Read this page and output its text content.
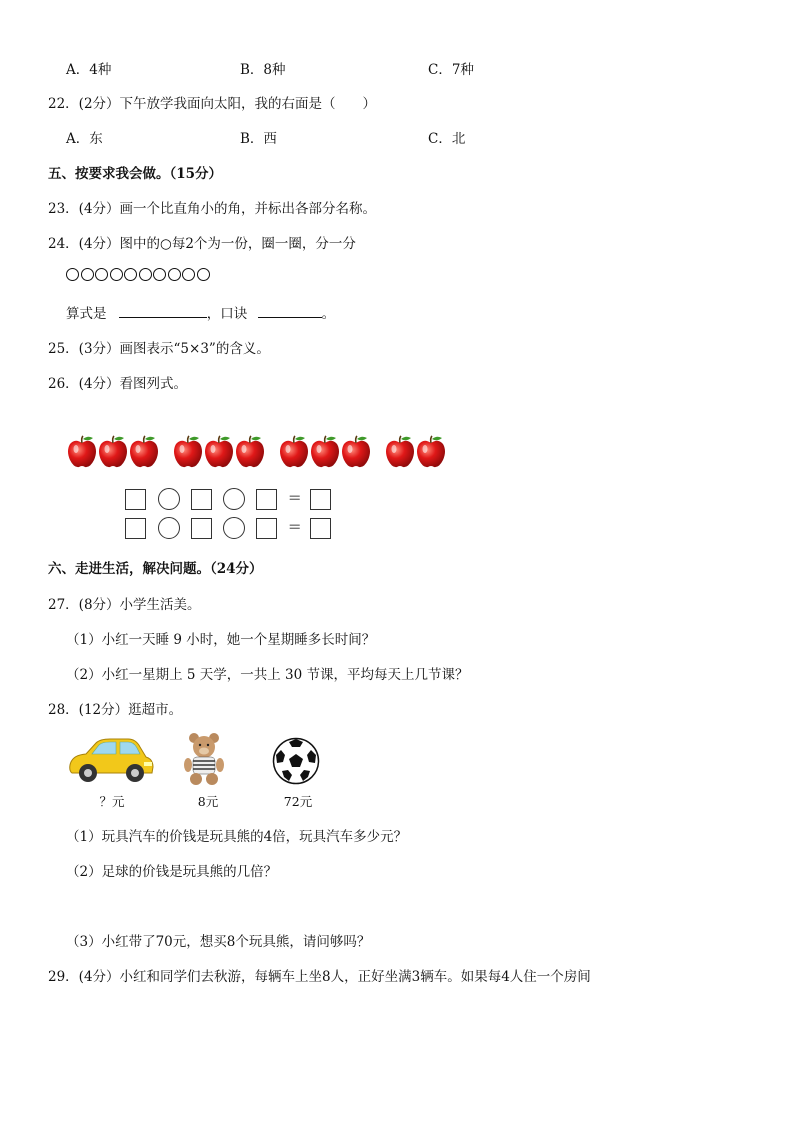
A．4种	B．8种	C．7种
22．(2分）下午放学我面向太阳，我的右面是（　　）
A．东	B．西	C．北
五、按要求我会做。（15分）
23．(4分）画一个比直角小的角，并标出各部分名称。
24．(4分）图中的○每2个为一份，圈一圈，分一分
算式是	，口诀	。
25．(3分）画图表示“5×3”的含义。
26．(4分）看图列式。
=
=
六、走进生活，解决问题。（24分）
27．(8分）小学生活美。
（1）小红一天睡 9 小时，她一个星期睡多长时间？
（2）小红一星期上 5 天学，一共上 30 节课，平均每天上几节课？
28．(12分）逛超市。
？元	8元	72元
（1）玩具汽车的价钱是玩具熊的4倍，玩具汽车多少元？
（2）足球的价钱是玩具熊的几倍？
（3）小红带了70元，想买8个玩具熊，请问够吗？
29．(4分）小红和同学们去秋游，每辆车上坐8人，正好坐满3辆车。如果每4人住一个房间
